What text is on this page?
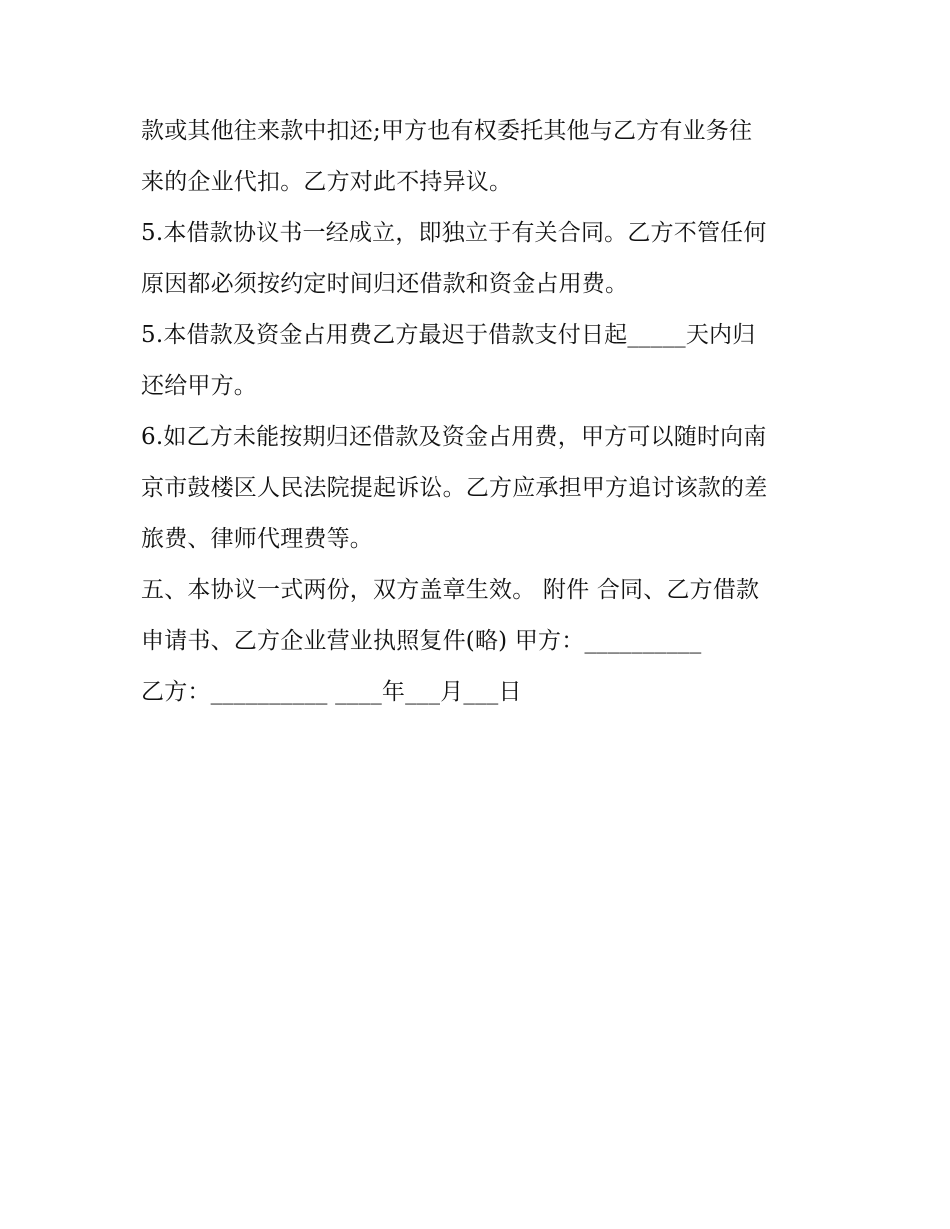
款或其他往来款中扣还;甲方也有权委托其他与乙方有业务往
来的企业代扣。乙方对此不持异议。
5.本借款协议书一经成立，即独立于有关合同。乙方不管任何
原因都必须按约定时间归还借款和资金占用费。
5.本借款及资金占用费乙方最迟于借款支付日起_____天内归
还给甲方。
6.如乙方未能按期归还借款及资金占用费，甲方可以随时向南
京市鼓楼区人民法院提起诉讼。乙方应承担甲方追讨该款的差
旅费、律师代理费等。
五、本协议一式两份，双方盖章生效。 附件 合同、乙方借款
申请书、乙方企业营业执照复件(略) 甲方：__________
乙方：__________ ____年___月___日
